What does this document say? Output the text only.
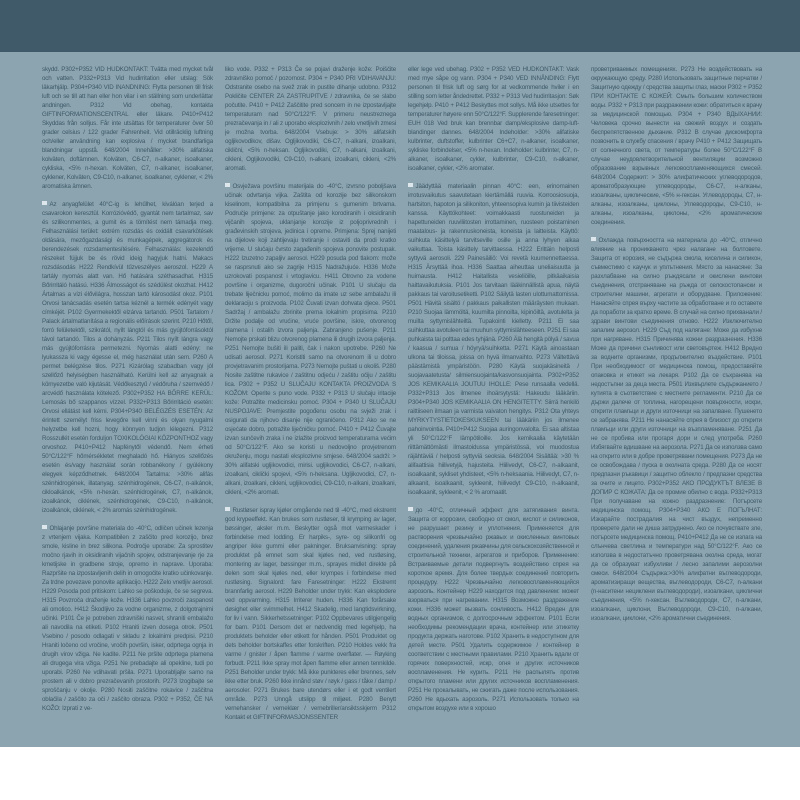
skydd. P302+P352 VID HUDKONTAKT: Tvätta med mycket tvål och vatten. P332+P313 Vid hudirritation eller utslag: Sök läkarhjälp. P304+P340 VID INANDNING: Flytta personen till frisk luft och se till att han eller hon vilar i en ställning som underlättar andningen. P312 Vid obehag, kontakta GIFTINFORMATIONSCENTRAL eller läkare. P410+P412 Skyddas från solljus. Får inte utsättas för temperaturer över 50 grader celsius / 122 grader Fahrenheit. Vid otillräcklig luftning och/eller användning kan explosiva / mycket brandfarliga blandningar uppstå. 648/2004 Innehåller: >30% alifatiska kolväten, doftämnen. Kolväten, C6-C7, n-alkaner, isoalkaner, cykliska, <5% n-hexan. Kolväten, C7, n-alkaner, isoalkaner, cyklener, Kolväten, C9-C10, n-alkaner, isoalkaner, cyklener, < 2% aromatiska ämnen.

Az anyagfelület 40°C-ig is lehűlhet, kiválóan terjed a csavarokon keresztül. Korrózióvédő, gyantát nem tartalmaz, sav és szilikonmentes, a gumit és a tömítést nem támadja meg. Felhasználási terület: extrém rozsdás és oxidált csavarkötések oldására, mezőgazdasági és munkagépek, aggregátorok és berendezések rozsdamentesítésére. Felhasználás: kezelendő részeket fújjuk be és rövid ideig hagyjuk hatni. Makacs rozsdásodás H222 Rendkívül tűzveszélyes aeroszol. H229 A tartály nyomás alatt van. Hő hatására széthasadhat. H315 Bőrirritáló hatású. H336 Álmosságot és szédülést okozhat. H412 Ártalmas a vízi élővilágra, hosszan tartó károsodást okoz. P101 Orvosi tanácsadás esetén tartsa kéznél a termék edényét vagy címkéjét. P102 Gyermekektől elzárva tartandó. P501 Tartalom / Palack ártalmatlanítása a regionális előírások szerint. P210 Hőtől, forró felületektől, szikrától, nyílt lángtól és más gyújtóforrásoktól távol tartandó. Tilos a dohányzás. P211 Tilos nyílt lángra vagy más gyújtóforrásra permetezni. Nyomás alatti edény: ne lyukassza ki vagy égesse el, még használat után sem. P260 A permet belégzése tilos. P271 Kizárólag szabadban vagy jól szellőző helyiségben használható. Kerülni kell az anyagnak a környezetbe való kijutását. Védőkesztyű / védőruha / szemvédő / arcvédő használata kötelező. P302+P352 HA BŐRRE KERÜL: Lemosás bő szappanos vízzel. P332+P313 Bőrirritáció esetén: Orvosi ellátást kell kérni. P304+P340 BELÉGZÉS ESETÉN: Az érintett személyt friss levegőre kell vinni és olyan nyugalmi helyzetbe kell hozni, hogy könnyen tudjon lélegezni. P312 Rosszullét esetén forduljon TOXIKOLÓGIAI KÖZPONTHOZ vagy orvoshoz. P410+P412 Napfénytől védendő. Nem érheti 50°C/122°F hőmérsékletet meghaladó hő. Hiányos szellőzés esetén és/vagy használat során robbanékony / gyúlékony elegyek képződhetnek. 648/2004 Tartalma: >30% alifás szénhidrogének, illatanyag. szénhidrogének, C6-C7, n-alkánok, cikloalkánok, <5% n-hexán. szénhidrogének, C7, n-alkánok, izoalkánok, ciklének, szénhidrogének, C9-C10, n-alkánok, izoalkánok, ciklének, < 2% aromás szénhidrogének.

Ohlajanje površine materiala do -40°C, odličen učinek lezenja z vrtenjem vijaka. Kompatibilen z zaščito pred korozijo, brez smole, kisline in brez silikona. Področje uporabe: Za sprostitev močno rjavih in oksidiranih vijačnih spojev, odstranjevanje rje za kmetijske in gradbene stroje, opremo in naprave. Uporaba: Razpršite na izpostavljenih delih in omogočite kratko učinkovanje. Za trdne povezave ponovite aplikacijo. H222 Zelo vnetljiv aerosol. H229 Posoda pod pritiskom: Lahko se poškoduje, če se segreva. H315 Povzroča draženje kože. H336 Lahko povzroči zaspanost ali omotico. H412 Škodljivo za vodne organizme, z dolgotrajnimi učinki. P101 Če je potreben zdravniški nasvet, shraniti embalažo ali navodila na etiketi. P102 Hraniti izven dosega otrok. P501 Vsebino / posodo odlagati v skladu z lokalnimi predpisi. P210 Hraniti ločeno od vročine, vročih površin, isker, odprtega ognja in drugih virov vžiga. Ne kadite. P211 Ne pršite odprtega plamena ali drugega vira vžiga. P251 Ne prebadajte ali opekline, tudi po uporabi. P260 Ne vdihavati pršila. P271 Uporabljajte samo na prostem ali v dobro prezračevanih prostorih. P273 Izogibajte se sproščanju v okolje. P280 Nositi zaščitne rokavice / zaščitna oblačila / zaščito za oči / zaščito obraza. P302 + P352, ČE NA KOŽO: Izprati z ve-

liko vode. P332 + P313 Če se pojavi draženje kože: Poiščite zdravniško pomoč / pozornost. P304 + P340 PRI VDIHAVANJU: Odstranite osebo na svež zrak in pustite dihanje udobno. P312 Pokličite CENTER ZA ZASTRUPITVE / zdravnika, če se slabo počutite. P410 + P412 Zaščitite pred soncem in ne izpostavljajte temperaturam nad 50°C/122°F. V primeru neustreznega prezračevanja in / ali z uporabo eksplozivnih / zelo vnetljivih zmesi je možna tvorba. 648/2004 Vsebuje: > 30% alifatskih ogljikovodikov, dišav. Ogljikovodiki, C6-C7, n-alkani, izoalkani, ciklični, <5% n-heksan. Ogljikovodiki, C7, n-alkani, izoalkani, cikleni, Ogljikovodiki, C9-C10, n-alkani, izoalkani, cikleni, <2% aromati.

Osvježava površinu materijala do -40°C, izvrsno poboljšava učinak odvrtanja vijka. Zaštita od korozije bez silikonskom kiselinom, kompatibilna za primjenu s gumenim brtvama. Područje primjene: za otpuštanje jako korodiranih i oksidiranih vijčanih spojeva, uklanjanje korozije iz poljoprivrednih i građevinskih strojeva, jedinica i opreme. Primjena: Sprej nanijeti na dijelove koji zahtijevaju tretiranje i ostaviti da prodi kratko vrijeme. U slučaju čvrsto zagađenih spojeva ponovite postupak. H222 Izuzetno zapaljiv aerosol. H229 posuda pod tlakom: može se rasprsnuti ako se zagrije H315 Nadražujuće. H336 Može uzrokovati pospanost i vrtoglavicu. H411 Otrovno za vodene površine i organizme, dugoročni učinak. P101 U slučaju da trebate liječnicku pomoć, molimo da imate uz sebe ambalažu ili deklaraciju s proizvoda. P102 Čuvati izvan dohvata djece. P501 Sadržaj / ambalažu zbrinite prema lokalnim propisima. P210 Držite podalje od vrućine, vruće površine, iskre, otvorenog plamena i ostalih izvora paljenja. Zabranjeno pušenje. P211 Nemojte prskati blizu otvorenog plamena ili drugih izvora paljenja. P251 Nemojte bušiti ili paliti, čak i nakon upotrebe. P260 Ne udisati aerosol. P271 Koristiti samo na otvorenom ili u dobro provjetravanim prostorijama. P273 Nemojte puštati u okoliš. P280 Nosite zaštitne rukavice / zaštitnu odjeću / zaštitu očiju / zaštitu lica. P302 + P352 U SLUČAJU KONTAKTA PROIZVODA S KOŽOM: Operite s puno vode. P332 + P313 U slučaju iritacije kože: Potražite medicinsku pomoć. P304 + P340 U SLUČAJU NUSPOJAVE: Premjestite pogođenu osobu na svježi zrak i osigurati da njihovo disanje nije ograničeno. P312 Ako se ne osjećate dobro, potražite liječničku pomoć. P410 + P412 Čuvajte izvan sunčevih zraka i ne izlažite proizvod temperaturama većim od 50°C/122°F. Ako se koristi u nedovoljno provjetrenom okruženju, mogu nastati eksplozivne smjese. 648/2004 sadrži: > 30% alifatski ugljikovodici, mirisi. ugljikovodici, C6-C7, n-alkani, izoalkani, ciklički spojevi, <5% n-heksana. Ugljikovodici, C7, n-alkani, izoalkani, cikleni, ugljikovodici, C9-C10, n-alkani, izoalkani, cikleni, <2% aromati.

Rustløser ispray kjøler omgående ned til -40°C, med ekstremt god krypeeffekt. Kan brukes som rustløser, til krymping av lager, bøssinger, aksler m.m. Beskytter også mot varmeskader i forbindelse med lodding. Er harpiks-, syre- og silikonfri og angriper ikke gummi eller pakninger. Bruksanvisning: spray produktet på emnet som skal kjøles ned, ved rustløsing, montering av lager, bøssinger m.m., sprayes midlet direkte på delen som skal kjøles ned, eller krympes i forbindelse med rustløsing. Signalord: fare Faresetninger: H222 Ekstremt brannfarlig aerosol. H229 Beholder under trykk: Kan eksplodere ved oppvarming. H315 Irriterer huden. H336 Kan forårsake døsighet eller svimmelhet. H412 Skadelig, med langtidsvirkning, for liv i vann. Sikkerhetssetninger: P102 Oppbevares utilgjengelig for barn. P101 Dersom det er nødvendig med legehjelp, ha produktets beholder eller etikett for hånden. P501 Produktet og dets beholder bortskaffes etter forskriften. P210 Holdes vekk fra varme / gnister / åpen flamme / varme overflater. — Røyking forbudt. P211 Ikke spray mot åpen flamme eller annen tennkilde. P251 Beholder under trykk: Må ikke punkteres eller brennes, selv ikke etter bruk. P260 Ikke innånd støv / røyk / gass / tåke / damp / aerosoler. P271 Brukes bare utendørs eller i et godt ventilert område. P273 Unngå utslipp til miljøet. P280 Benytt vernehansker / verneklær / vernebriller/ansiktsskjerm P312 Kontakt et GIFTINFORMASJONSSENTER

eller lege ved ubehag. P302 + P352 VED HUDKONTAKT: Vask med mye såpe og vann. P304 + P340 VED INNÅNDING: Flytt personen til frisk luft og sørg for at vedkommende hviler i en stilling som letter åndedrettet. P332 + P313 Ved hudirritasjon: Søk legehjelp. P410 + P412 Beskyttes mot sollys. Må ikke utsettes for temperaturer høyere enn 50°C/122°F. Supplerende faresetninger: EUH 018 Ved bruk kan brennbar damp/eksplosive damp-luft-blandinger dannes. 648/2004 Indeholder: >30% alifatiske kulbrinter, duftstoffer, kulbrinter C6+C7, n-alkaner, isoalkaner, sykliske forbindelser, <5% n-hexan. Indeholder: kulbrinter, C7, n-alkaner, isoalkaner, cykler, kulbrinter, C9-C10, n-alkaner, isoalkaner, cykler, <2% aromater.

Jäädyttää materiaalin pinnan 40°C: een, erinomainen irrotusvaikutus saavutetaan kiertämällä ruuvia. Korroosiosuoja, hartsiton, hapoton ja silikoniton, yhteensopiva kumin ja tiivisteiden kanssa. Käyttökohteet: voimakkaasti ruostuneiden ja hapettuneiden ruuviliitosten irrottaminen, ruosteen poistaminen maatalous- ja rakennuskoneista, koneista ja laitteista. Käyttö: suihkuta käsittelyä tarvitseville osille ja anna lyhyen aikaa vaikuttaa. Toista käsittely tarvittaessa. H222 Erittäin helposti syttyvä aerosoli. 229 Painesäiliö: Voi revetä kuumennettaessa. H315 Ärsyttää ihoa. H336 Saattaa aiheuttaa uneliaisuutta ja huimausta. H412 Haitallista vesieliöille, pitkäaikaisia haittavaikutuksia. P101 Jos tarvitaan lääkinnällistä apua, näytä pakkaus tai varoitusetiketti. P102 Säilytä lasten ulottumattomissa. P501 Hävitä sisältö / pakkaus paikallisten määräysten mukaan. P210 Suojaa lämmöltä, kuumilta pinnoilta, kipinöiltä, avotulelta ja muilta syttymislähteiltä. Tupakointi kielletty. P211 Ei saa suihkuttaa avotuleen tai muuhun syttymislähteeseen. P251 Ei saa puhkaista tai polttaa edes tyhjänä. P260 Älä hengitä pölyä / savua / kaasua / sumua / höyryä/suihketta. P271 Käytä ainoastaan ulkona tai tiloissa, joissa on hyvä ilmanvaihto. P273 Vältettävä päästämistä ympäristöön. P280 Käytä suojakäsineitä / suojavaatetusta/ silmiensuojainta/kasvonsuojainta. P302+P352 JOS KEMIKAALIA JOUTUU IHOLLE: Pese runsaalla vedellä. P332+P313 Jos ilmenee ihoärsytystä: Hakeudu lääkäriin. P304+P340 JOS KEMIKAALIA ON HENGITETTY: Siirrä henkilö raittiiseen ilmaan ja varmista vaivaton hengitys. P312 Ota yhteys MYRKYTYSTIETOKESKUKSEEN tai lääkäriin jos ilmenee pahoinvointia. P410+P412 Suojaa auringonvalolta. Ei saa altistaa yli 50°C/122°F lämpötiloille. Jos kemikaalia käytetään riittämättömästi ilmastoidussa ympäristössä, voi muodostua räjähtäviä / helposti syttyviä seoksia. 648/2004 Sisältää: >30 % alifaattisia hiilivetyjä, hajusteita. Hiilivedyt, C6-C7, n-alkaanit, isoalkaanit, sykliset yhdisteet, <5% n-heksaania. Hiilivedyt, C7, n-alkaanit, isoalkaanit, sykleenit, hiilivedyt C9-C10, n-alkaanit, isoalkaanit, sykleenit, < 2 % aromaatit.

до -40°C, отличный эффект для затягивания винта. Защита от коррозии, свободно от смол, кислот и силиконов, не разрушает резину и уплотнения. Применяется для растворения чрезвычайно ржавых и окисленных винтовых соединений, удаления ржавчины для сельскохозяйственной и строительной техники, агрегатов и приборов. Применение: Встраиваемые детали подвергнуть воздействию спрея на короткое время. Для более твердых соединений повторить процедуру. H222 Чрезвычайно легковоспламеняющийся аэрозоль. Контейнер H229 находится под давлением: может взорваться при нагревании. H315 Возможно раздражение кожи. H336 может вызвать сонливость. H412 Вреден для водных организмов, с долгосрочным эффектом. P101 Если необходимы рекомендации врача, контейнер или этикетку продукта держать наготове. P102 Хранить в недоступном для детей месте. P501 Удалить содержимое / контейнер в соответствии с местными правилами. P210 Хранить вдали от горячих поверхностей, искр, огня и других источников воспламенения. Не курить. P211 Не распылять против открытого пламени или других источников воспламенения. P251 Не прокалывать, не сжигать даже после использования. P260 Не вдыхать аэрозоль. P271 Использовать только на открытом воздухе или в хорошо

проветриваемых помещениях. P273 Не воздействовать на окружающую среду. P280 Использовать защитные перчатки / Защитную одежду / средства защиты глаз, маски P302 + P352 ПРИ КОНТАКТЕ С КОЖЕЙ: Смыть большим количеством воды. P332 + P313 при раздражении кожи: обратиться к врачу за медицинской помощью. P304 + P340 ВДЫХАНИИ: Человека срочно вынести на свежий воздух и создать беспрепятственное дыхание. P312 В случае дискомфорта позвонить в службу спасения / врачу P410 + P412 Защищать от солнечного света, от температуры более 50°C/122°F В случае неудовлетворительной вентиляции возможно образование взрывных легковоспламеняющихся смесей. 648/2004 Содержит: > 30% алифатических углеводородов, ароматобразующие углеводороды, C6-C7, н-алканы, изоалканы, циклические, <5% н-гексан. Углеводороды, C7, н-алканы, изоалканы, циклоны, Углеводороды, C9-C10, н-алканы, изоалканы, циклоны, <2% ароматические соединения.

Охлажда повърхността на материала до -40°C, отлично влияние на проникването чрез налагане на болтовете. Защита от корозия, не съдържа смола, киселина и силикон, съвместимо с каучук и уплътнения. Място за нанасяне: За разхлабване на силно ръждясали и окислени винтови съединения, отстраняване на ръжда от селскостопански и строителни машини, агрегати и оборудване. Приложение: Нанасяйте спрея върху частите за обработване и го оставете да поработи за кратко време. В случай на силно прихванали / здрави винтови съединения отново. H222 Изключително запалим аерозол. H229 Съд под налягане: Може да избухне при нагряване. H315 Причинява кожни раздразнения. H336 Може да причини сънливост или световъртеж. H412 Вредно за водните организми, продължително въздействие. P101 При необходимост от медицинска помощ, предоставяйте опаковка и етикет на лекаря. P102 Да се съхранява на недостъпни за деца места. P501 Изхвърлете съдържанието / кутията в съответствие с местните регламенти. P210 Да се държи далече от топлина, нагорещени повърхности, искри, открити пламъци и други източници на запалване. Пушенето се забранява. P211 Не нанасяйте спрея в близост до открити пламъци или други източници на възпламеняване. P251 Да не се пробива или прогаря дори и след употреба. P260 Избягвайте вдишване на аерозола. P271 Да се използва само на открито или в добре проветрявани помещения. P273 Да не се освобождава / пуска в околната среда. P280 Да се носят предпазни ръкавици / защитно облекло / предпазни средства за очите и лицето. P302+P352 АКО ПРОДУКТЪТ ВЛЕЗЕ В ДОПИР С КОЖАТА: Да се промие обилно с вода. P332+P313 При получаване на кожно раздразнение: Потърсете медицинска помощ. P304+P340 АКО Е ПОГЪЛНАТ: Изкарайте пострадалия на чист въздух, непременно проверете дали не диша затруднено. Ако се почувствате зле, потърсете медицинска помощ. P410+P412 Да не се излага на слънчева светлина и температури над 50°C/122°F. Ако се използва в недостатъчно проветрявана околна среда, могат да се образуват избухливи / лесно запалими аерозолни смеси. 648/2004 Съдържа:>30% алифатни въглеводороди, ароматизиращи вещества, въглеводороди, C6-C7, n-алкани (n-наситени нециклени въглеводороди), изоалкани, циклични съединения, <5% n-хексан. Въглеводороди, C7, n-алкани, изоалкани, циклони, Въглеводороди, C9-C10, n-алкани, изоалкани, циклони, <2% ароматични съединения.
